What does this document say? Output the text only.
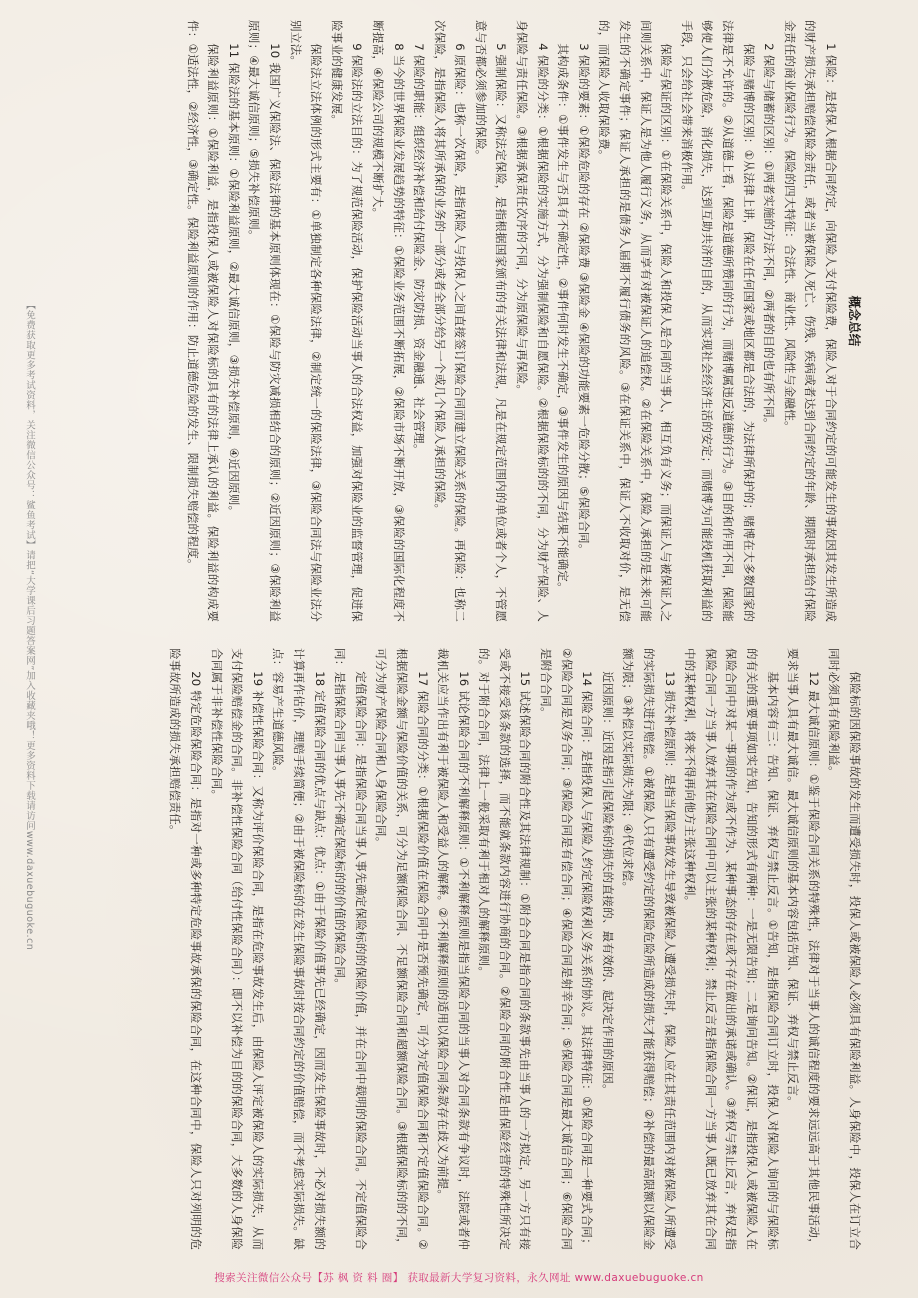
【免费获取更多考试资料，关注微信公众号：鲨鱼考试】请把“大学课后习题答案网”加入收藏夹哦！更多资料下载请访问www.daxuebuguoke.cn	概念总结

1 保险：是投保人根据合同约定，向保险人支付保险费，保险人对于合同约定的可能发生的事故因其发生所造成的财产损失承担赔偿保险金责任，或者当被保险人死亡、伤残、疾病或者达到合同约定的年龄、期限时承担给付保险金责任的商业保险行为。保险的四大特征：合法性、商业性、风险性与金融性。

2 保险与储蓄的区别：①两者实施的方法不同，②两者的目的也有所不同。

保险与赌博的区别：①从法律上讲，保险在任何国家或地区都是合法的，为法律所保护的；赌博在大多数国家的法律是不允许的。②从道德上看，保险是道德所赞同的行为，而赌博属违反道德的行为。③目的和作用不同，保险能够使人们分散危险，消化损失，达到互助共济的目的，从而实现社会经济生活的安定；而赌博为可能投机获取利益的手段，只会给社会带来消极作用。

保险与保证的区别：①在保险关系中，保险人和投保人是合同的当事人，相互负有义务；而保证人与被保证人之间则关系中，保证人是为他人履行义务，从而享有对被保证人的追偿权。②在保险关系中，保险人承担的是未来可能发生的不确定事件；保证人承担的是债务人届期不履行债务的风险。③在保证关系中，保证人不收取对价，是无偿的，而保险人收取保险费。

3 保险的要素：①保险危险的存在 ②保险费 ③保险金 ④保险的功能要素一危险分散；⑤保险合同。

其构成条件：①事件发生与否具有不确定性，②事件何时发生不确定，③事件发生的原因与结果不能确定。

4 保险的分类：①根据保险的实施方式，分为强制保险和自愿保险。②根据保险标的的不同，分为财产保险、人身保险与责任保险。③根据承保责任次序的不同，分为原保险与再保险。

5 强制保险：又称法定保险，是指根据国家颁布的有关法律和法规，凡是在规定范围内的单位或者个人，不管愿意与否都必须参加的保险。

6 原保险：也称一次保险，是指保险人与投保人之间直接签订保险合同而建立保险关系的保险。再保险：也称二次保险，是指保险人将其所承保的业务的一部分或者全部分给另一个或几个保险人承担的保险。

7 保险的职能：组织经济补偿和给付保险金、防灾防损、资金融通、社会管理。

8 当今的世界保险业发展趋势的特征：①保险业务范围不断拓展，②保险市场不断开放，③保险的国际化程度不断提高，④保险公司的规模不断扩大。

9 保险法的立法目的：为了规范保险活动，保护保险活动当事人的合法权益，加强对保险业的监督管理，促进保险事业的健康发展。

保险法立法体例的形式主要有：①单独制定各种保险法律，②制定统一的保险法律，③保险合同法与保险业法分别立法。

10 我国广义保险法、保险法律的基本原则体现在：①保险与防灾减损相结合的原则；②近因原则；③保险利益原则；④最大诚信原则；⑤损失补偿原则。

11 保险法的基本原则：①保险利益原则，②最大诚信原则，③损失补偿原则，④近因原则。

保险利益原则：①保险利益，是指投保人或被保险人对保险标的具有的法律上承认的利益。保险利益的构成要件：①适法性，②经济性，③确定性。保险利益原则的作用：防止道德危险的发生、限制损失赔偿的程度。

保险标的因保险事故的发生而遭受损失时，投保人或被保险人必须具有保险利益。人身保险中，投保人在订立合同时必须具有保险利益。

12 最大诚信原则：①鉴于保险合同关系的特殊性，法律对于当事人的诚信程度的要求远远高于其他民事活动，要求当事人具有最大诚信。最大诚信原则的基本内容包括告知、保证、弃权与禁止反言。

基本内容有三：告知、保证、弃权与禁止反言。①告知，是指保险合同订立时，投保人对保险人询问的与保险标的有关的重要事项如实告知，告知的形式有两种：一是无限告知；二是询问告知。②保证，是指投保人或被保险人在保险合同中对某一事项的作为或不作为、某种事态的存在或不存在做出的承诺或确认。③弃权与禁止反言，弃权是指保险合同一方当事人放弃其在保险合同中可以主张的某种权利；禁止反言是指保险合同一方当事人既已放弃其在合同中的某种权利，将来不得再向他方主张这种权利。

13 损失补偿原则：是指当保险事故发生导致被保险人遭受损失时，保险人应在其责任范围内对被保险人所遭受的实际损失进行赔偿。①被保险人只有遭受约定的保险危险所造成的损失才能获得赔偿；②补偿的最高限额以保险金额为限；③补偿以实际损失为限；④代位求偿。

近因原则：近因是指引起保险标的损失的直接的、最有效的、起决定作用的原因。

14 保险合同：是指投保人与保险人约定保险权利义务关系的协议。其法律特征：①保险合同是一种要式合同；②保险合同是双务合同；③保险合同是有偿合同；④保险合同是射幸合同；⑤保险合同是最大诚信合同；⑥保险合同是附合合同。

15 试述保险合同的附合性及其法律规制：①附合合同是指合同的条款事先由当事人的一方拟定，另一方只有接受或不接受该条款的选择，而不能就条款内容进行协商的合同。②保险合同的附合性是由保险经营的特殊性所决定的。对于附合合同，法律上一般采取有利于相对人的解释原则。

16 试论保险合同的不利解释原则：①不利解释原则是指当保险合同的当事人对合同条款有争议时，法院或者仲裁机关应当作出有利于被保险人和受益人的解释。②不利解释原则的适用以保险合同条款存在歧义为前提。

17 保险合同的分类：①根据保险价值在保险合同中是否预先确定，可分为定值保险合同和不定值保险合同。②根据保险金额与保险价值的关系，可分为足额保险合同、不足额保险合同和超额保险合同。③根据保险标的的不同，可分为财产保险合同和人身保险合同。

定值保险合同：是指保险合同当事人事先确定保险标的的保险价值，并在合同中载明的保险合同。不定值保险合同：是指保险合同当事人事先不确定保险标的的价值的保险合同。

18 定值保险合同的优点与缺点：优点：①由于保险价值事先已经确定，因而发生保险事故时，不必对损失额的计算再作估价，理赔手续简便；②由于被保险标的在发生保险事故时按合同约定的价值赔偿，而不考虑实际损失。缺点：容易产生道德风险。

19 补偿性保险合同：又称为评价保险合同，是指在危险事故发生后，由保险人评定被保险人的实际损失，从而支付保险赔偿金的合同。非补偿性保险合同（给付性保险合同）：即不以补偿为目的的保险合同，大多数的人身保险合同属于非补偿性保险合同。

20 特定危险保险合同：是指对一种或多种特定危险事故承保的保险合同，在这种合同中，保险人只对列明的危险事故所造成的损失承担赔偿责任。

搜索关注微信公众号【苏 枫 资 料 圈】 获取最新大学复习资料，永久网址 www.daxuebuguoke.cn
